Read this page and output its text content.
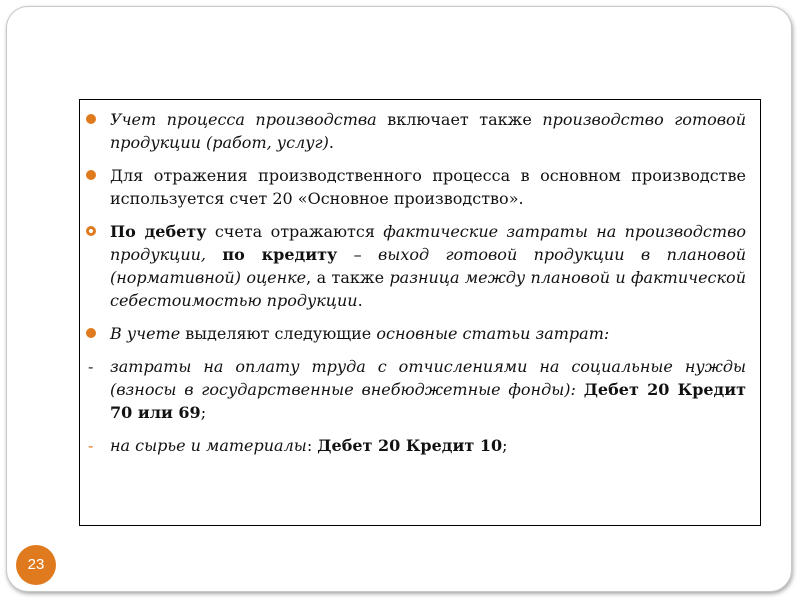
Учет процесса производства включает также производство готовой продукции (работ, услуг).
Для отражения производственного процесса в основном производстве используется счет 20 «Основное производство».
По дебету счета отражаются фактические затраты на производство продукции, по кредиту – выход готовой продукции в плановой (нормативной) оценке, а также разница между плановой и фактической себестоимостью продукции.
В учете выделяют следующие основные статьи затрат:
- затраты на оплату труда с отчислениями на социальные нужды (взносы в государственные внебюджетные фонды): Дебет 20 Кредит 70 или 69;
- на сырье и материалы: Дебет 20 Кредит 10;
23
